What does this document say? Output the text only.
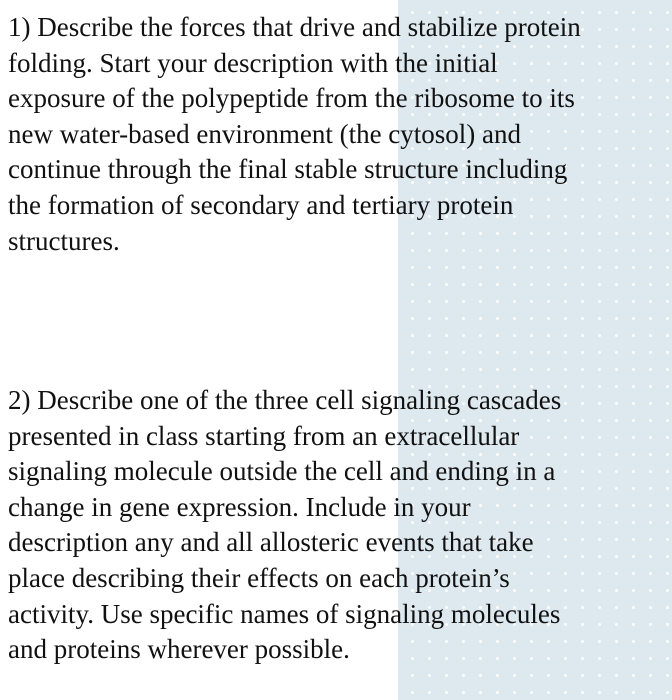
1) Describe the forces that drive and stabilize protein
folding. Start your description with the initial
exposure of the polypeptide from the ribosome to its
new water-based environment (the cytosol) and
continue through the final stable structure including
the formation of secondary and tertiary protein
structures.
2) Describe one of the three cell signaling cascades
presented in class starting from an extracellular
signaling molecule outside the cell and ending in a
change in gene expression. Include in your
description any and all allosteric events that take
place describing their effects on each protein’s
activity. Use specific names of signaling molecules
and proteins wherever possible.
